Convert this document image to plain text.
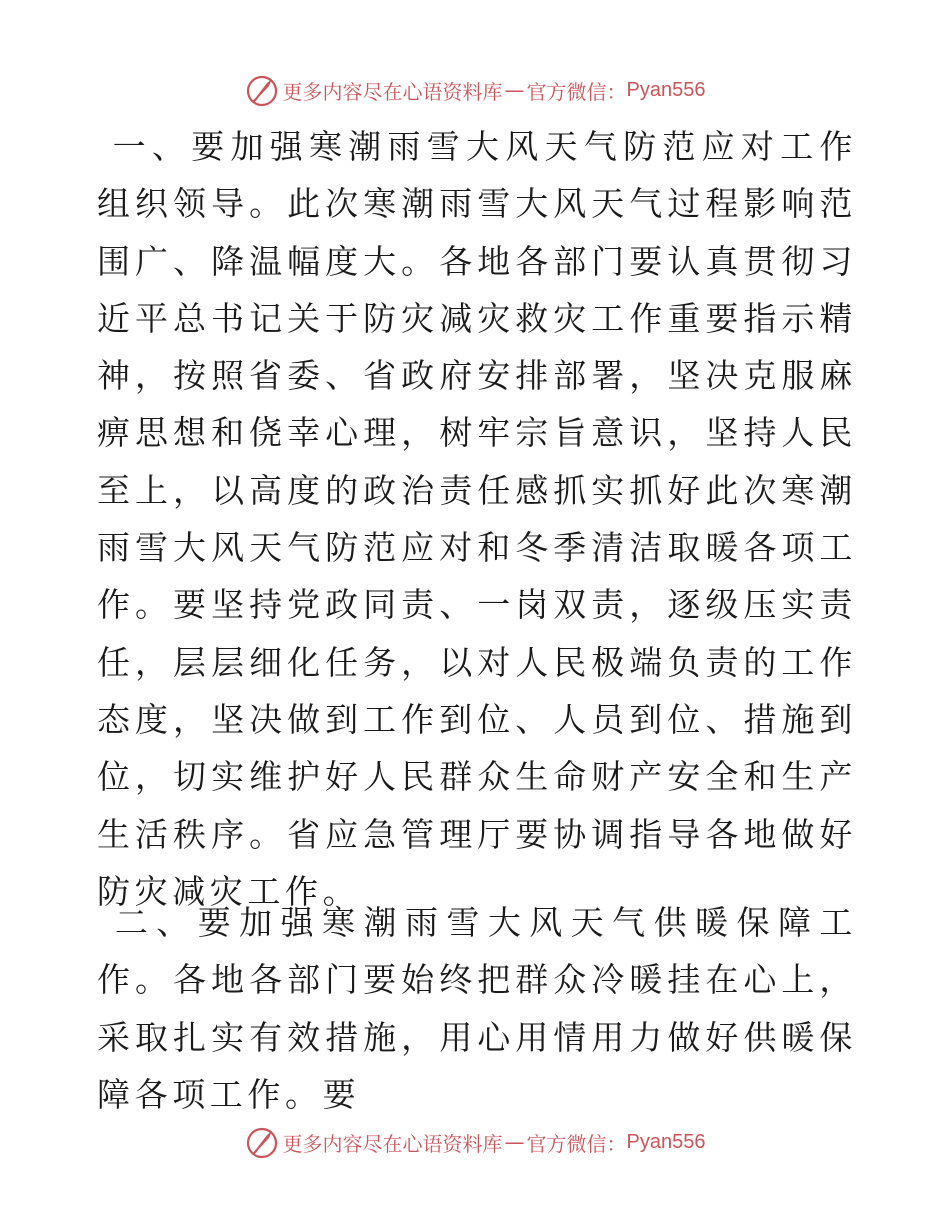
更多内容尽在心语资料库 — 官方微信： Pyan556

一、要加强寒潮雨雪大风天气防范应对工作组织领导。此次寒潮雨雪大风天气过程影响范围广、降温幅度大。各地各部门要认真贯彻习近平总书记关于防灾减灾救灾工作重要指示精神，按照省委、省政府安排部署，坚决克服麻痹思想和侥幸心理，树牢宗旨意识，坚持人民至上，以高度的政治责任感抓实抓好此次寒潮雨雪大风天气防范应对和冬季清洁取暖各项工作。要坚持党政同责、一岗双责，逐级压实责任，层层细化任务，以对人民极端负责的工作态度，坚决做到工作到位、人员到位、措施到位，切实维护好人民群众生命财产安全和生产生活秩序。省应急管理厅要协调指导各地做好防灾减灾工作。

二、要加强寒潮雨雪大风天气供暖保障工作。各地各部门要始终把群众冷暖挂在心上，采取扎实有效措施，用心用情用力做好供暖保障各项工作。要

更多内容尽在心语资料库 — 官方微信： Pyan556
